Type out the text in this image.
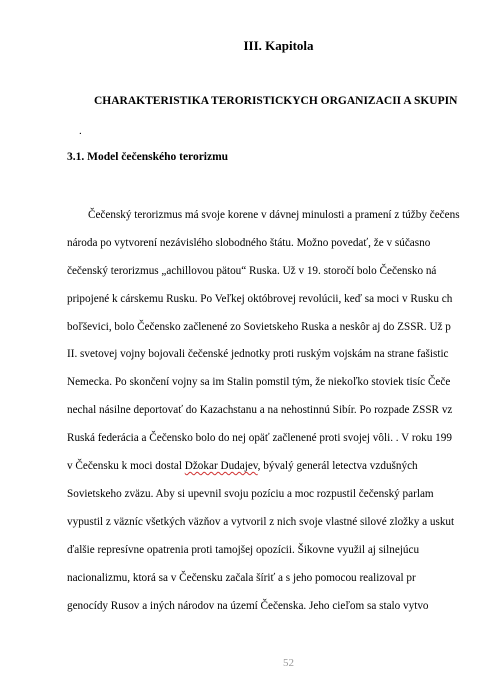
III. Kapitola
CHARAKTERISTIKA TERORISTICKYCH ORGANIZACII A SKUPIN
.
3.1. Model čečenského terorizmu
Čečenský terorizmus má svoje korene v dávnej minulosti a pramení z túžby čečens
národa po vytvorení nezávislého slobodného štátu. Možno povedať, že v súčasno
čečenský terorizmus „achillovou pätou“ Ruska. Už v 19. storočí bolo Čečensko ná
pripojené k cárskemu Rusku. Po Veľkej októbrovej revolúcii, keď sa moci v Rusku ch
boľševici, bolo Čečensko začlenené zo Sovietskeho Ruska a neskôr aj do ZSSR. Už p
II. svetovej vojny bojovali čečenské jednotky proti ruským vojskám na strane fašistic
Nemecka. Po skončení vojny sa im Stalin pomstil tým, že niekoľko stoviek tisíc Čeče
nechal násilne deportovať do Kazachstanu a na nehostinnú Sibír. Po rozpade ZSSR vz
Ruská federácia a Čečensko bolo do nej opäť začlenené proti svojej vôli. . V roku 199
v Čečensku k moci dostal Džokar Dudajev, bývalý generál letectva vzdušných
Sovietskeho zväzu. Aby si upevnil svoju pozíciu a moc rozpustil čečenský parlam
vypustil z väzníc všetkých väzňov a vytvoril z nich svoje vlastné silové zložky a uskut
ďalšie represívne opatrenia proti tamojšej opozícii. Šikovne využil aj silnejúcu
nacionalizmu, ktorá sa v Čečensku začala šíriť a s jeho pomocou realizoval pr
genocídy Rusov a iných národov na území Čečenska. Jeho cieľom sa stalo vytvo
52
